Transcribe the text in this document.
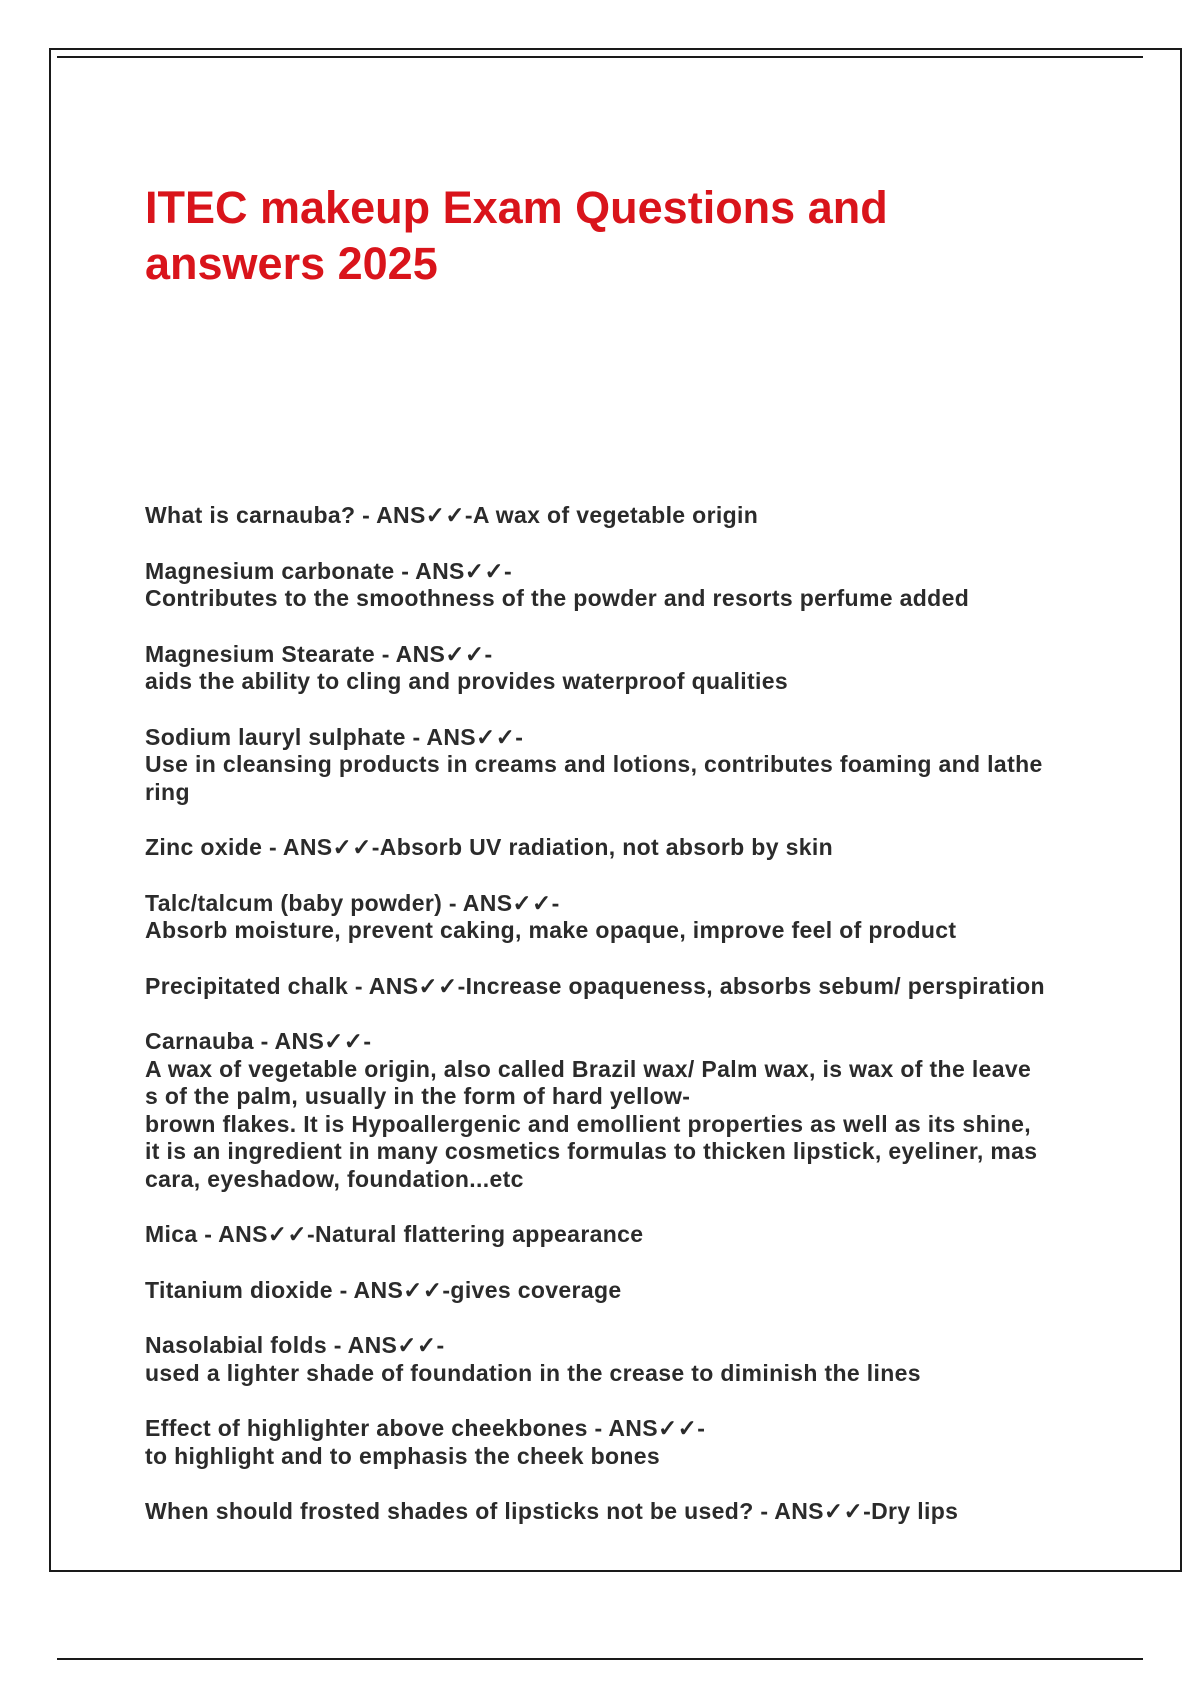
ITEC makeup Exam Questions and
answers 2025
What is carnauba? - ANS✓✓-A wax of vegetable origin
Magnesium carbonate - ANS✓✓-
Contributes to the smoothness of the powder and resorts perfume added
Magnesium Stearate - ANS✓✓-
aids the ability to cling and provides waterproof qualities
Sodium lauryl sulphate - ANS✓✓-
Use in cleansing products in creams and lotions, contributes foaming and lathe
ring
Zinc oxide - ANS✓✓-Absorb UV radiation, not absorb by skin
Talc/talcum (baby powder) - ANS✓✓-
Absorb moisture, prevent caking, make opaque, improve feel of product
Precipitated chalk - ANS✓✓-Increase opaqueness, absorbs sebum/ perspiration
Carnauba - ANS✓✓-
A wax of vegetable origin, also called Brazil wax/ Palm wax, is wax of the leave
s of the palm, usually in the form of hard yellow-
brown flakes. It is Hypoallergenic and emollient properties as well as its shine,
it is an ingredient in many cosmetics formulas to thicken lipstick, eyeliner, mas
cara, eyeshadow, foundation...etc
Mica - ANS✓✓-Natural flattering appearance
Titanium dioxide - ANS✓✓-gives coverage
Nasolabial folds - ANS✓✓-
used a lighter shade of foundation in the crease to diminish the lines
Effect of highlighter above cheekbones - ANS✓✓-
to highlight and to emphasis the cheek bones
When should frosted shades of lipsticks not be used? - ANS✓✓-Dry lips
